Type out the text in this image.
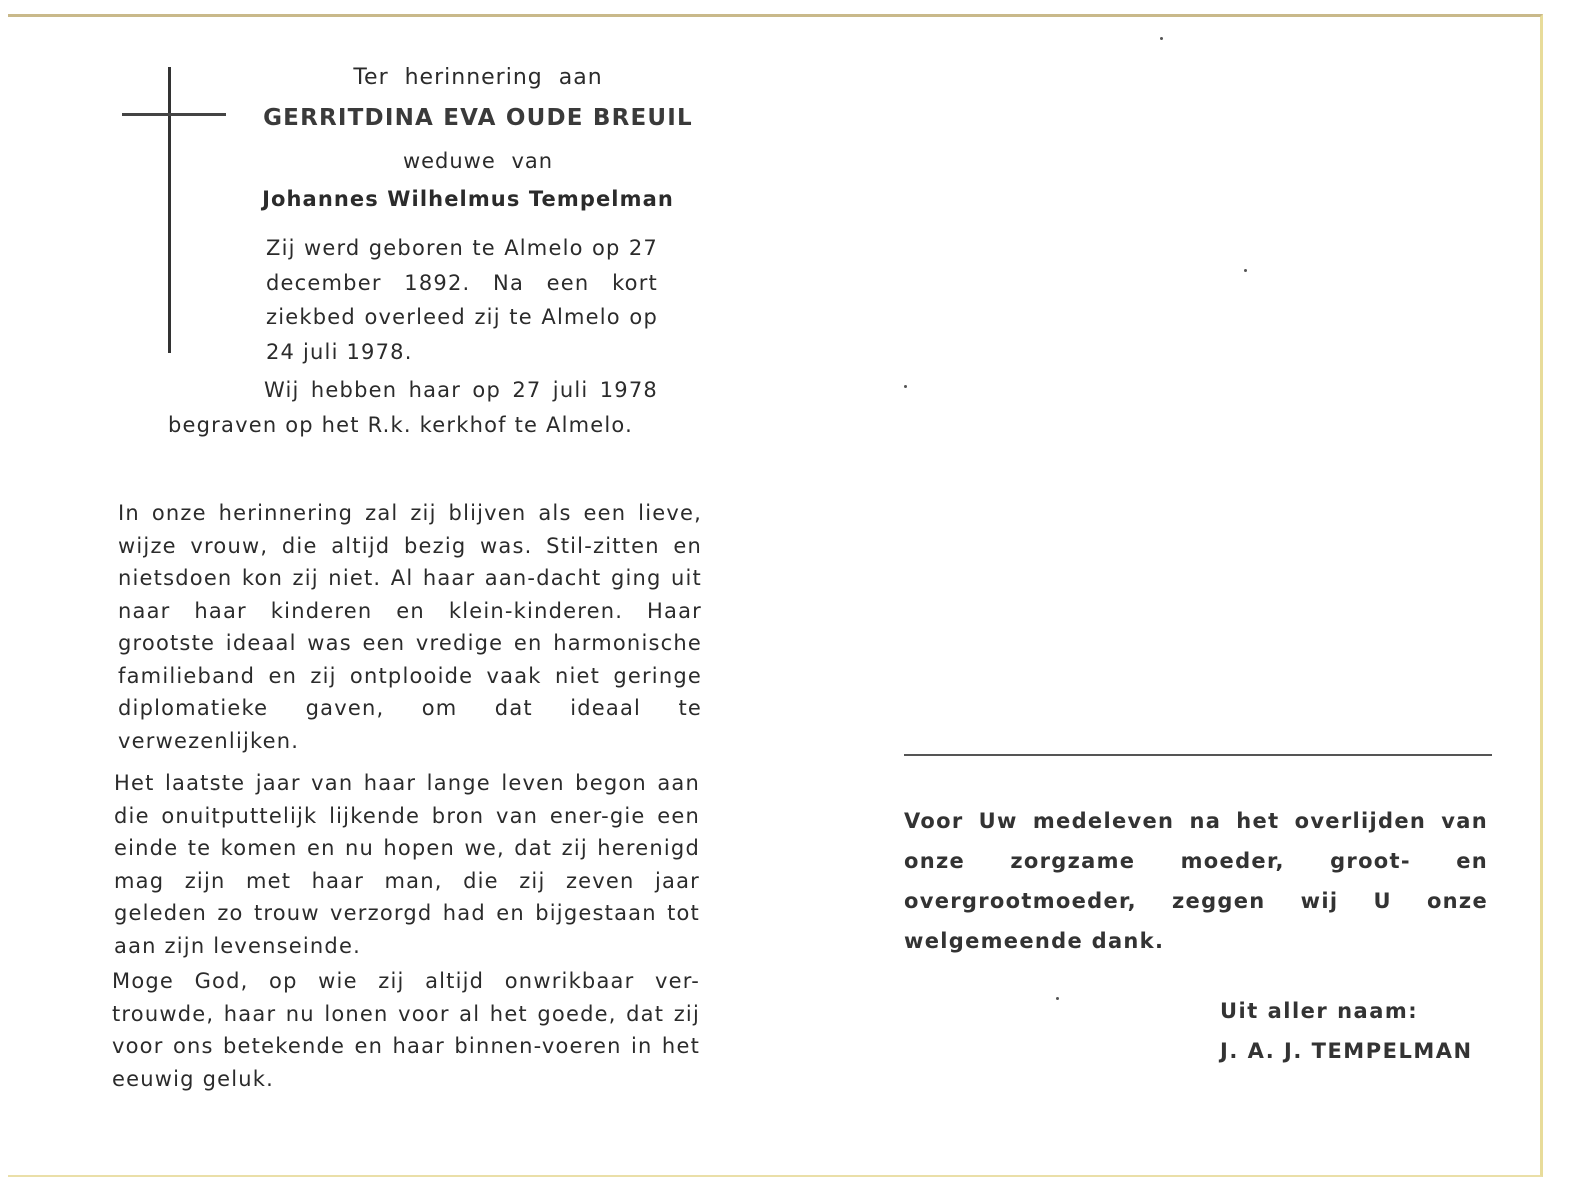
Ter herinnering aan
GERRITDINA EVA OUDE BREUIL
weduwe van
Johannes Wilhelmus Tempelman
Zij werd geboren te Almelo op 27 december 1892. Na een kort ziekbed overleed zij te Almelo op 24 juli 1978.
Wij hebben haar op 27 juli 1978 begraven op het R.k. kerkhof te Almelo.
In onze herinnering zal zij blijven als een lieve, wijze vrouw, die altijd bezig was. Stil-zitten en nietsdoen kon zij niet. Al haar aan-dacht ging uit naar haar kinderen en klein-kinderen. Haar grootste ideaal was een vredige en harmonische familieband en zij ontplooide vaak niet geringe diplomatieke gaven, om dat ideaal te verwezenlijken.
Het laatste jaar van haar lange leven begon aan die onuitputtelijk lijkende bron van ener-gie een einde te komen en nu hopen we, dat zij herenigd mag zijn met haar man, die zij zeven jaar geleden zo trouw verzorgd had en bijgestaan tot aan zijn levenseinde.
Moge God, op wie zij altijd onwrikbaar ver-trouwde, haar nu lonen voor al het goede, dat zij voor ons betekende en haar binnen-voeren in het eeuwig geluk.
Voor Uw medeleven na het overlijden van onze zorgzame moeder, groot- en overgrootmoeder, zeggen wij U onze welgemeende dank.
Uit aller naam:
J. A. J. TEMPELMAN
